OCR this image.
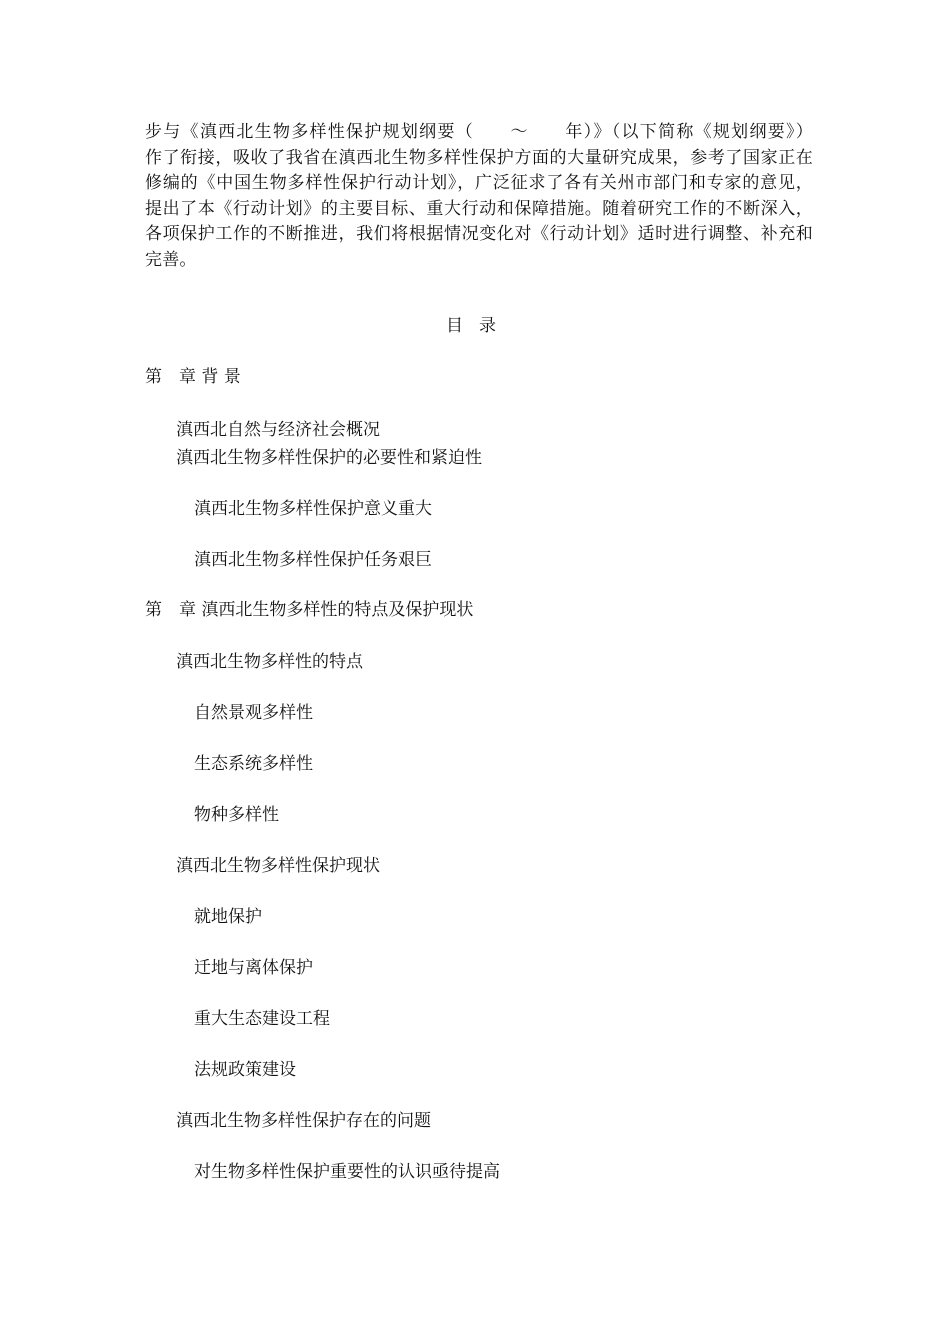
步与《滇西北生物多样性保护规划纲要（　　～　　年）》（以下简称《规划纲要》）
作了衔接，吸收了我省在滇西北生物多样性保护方面的大量研究成果，参考了国家正在
修编的《中国生物多样性保护行动计划》，广泛征求了各有关州市部门和专家的意见，
提出了本《行动计划》的主要目标、重大行动和保障措施。随着研究工作的不断深入，
各项保护工作的不断推进，我们将根据情况变化对《行动计划》适时进行调整、补充和
完善。
目录
第　章 背 景
滇西北自然与经济社会概况
滇西北生物多样性保护的必要性和紧迫性
滇西北生物多样性保护意义重大
滇西北生物多样性保护任务艰巨
第　章 滇西北生物多样性的特点及保护现状
滇西北生物多样性的特点
自然景观多样性
生态系统多样性
物种多样性
滇西北生物多样性保护现状
就地保护
迁地与离体保护
重大生态建设工程
法规政策建设
滇西北生物多样性保护存在的问题
对生物多样性保护重要性的认识亟待提高
